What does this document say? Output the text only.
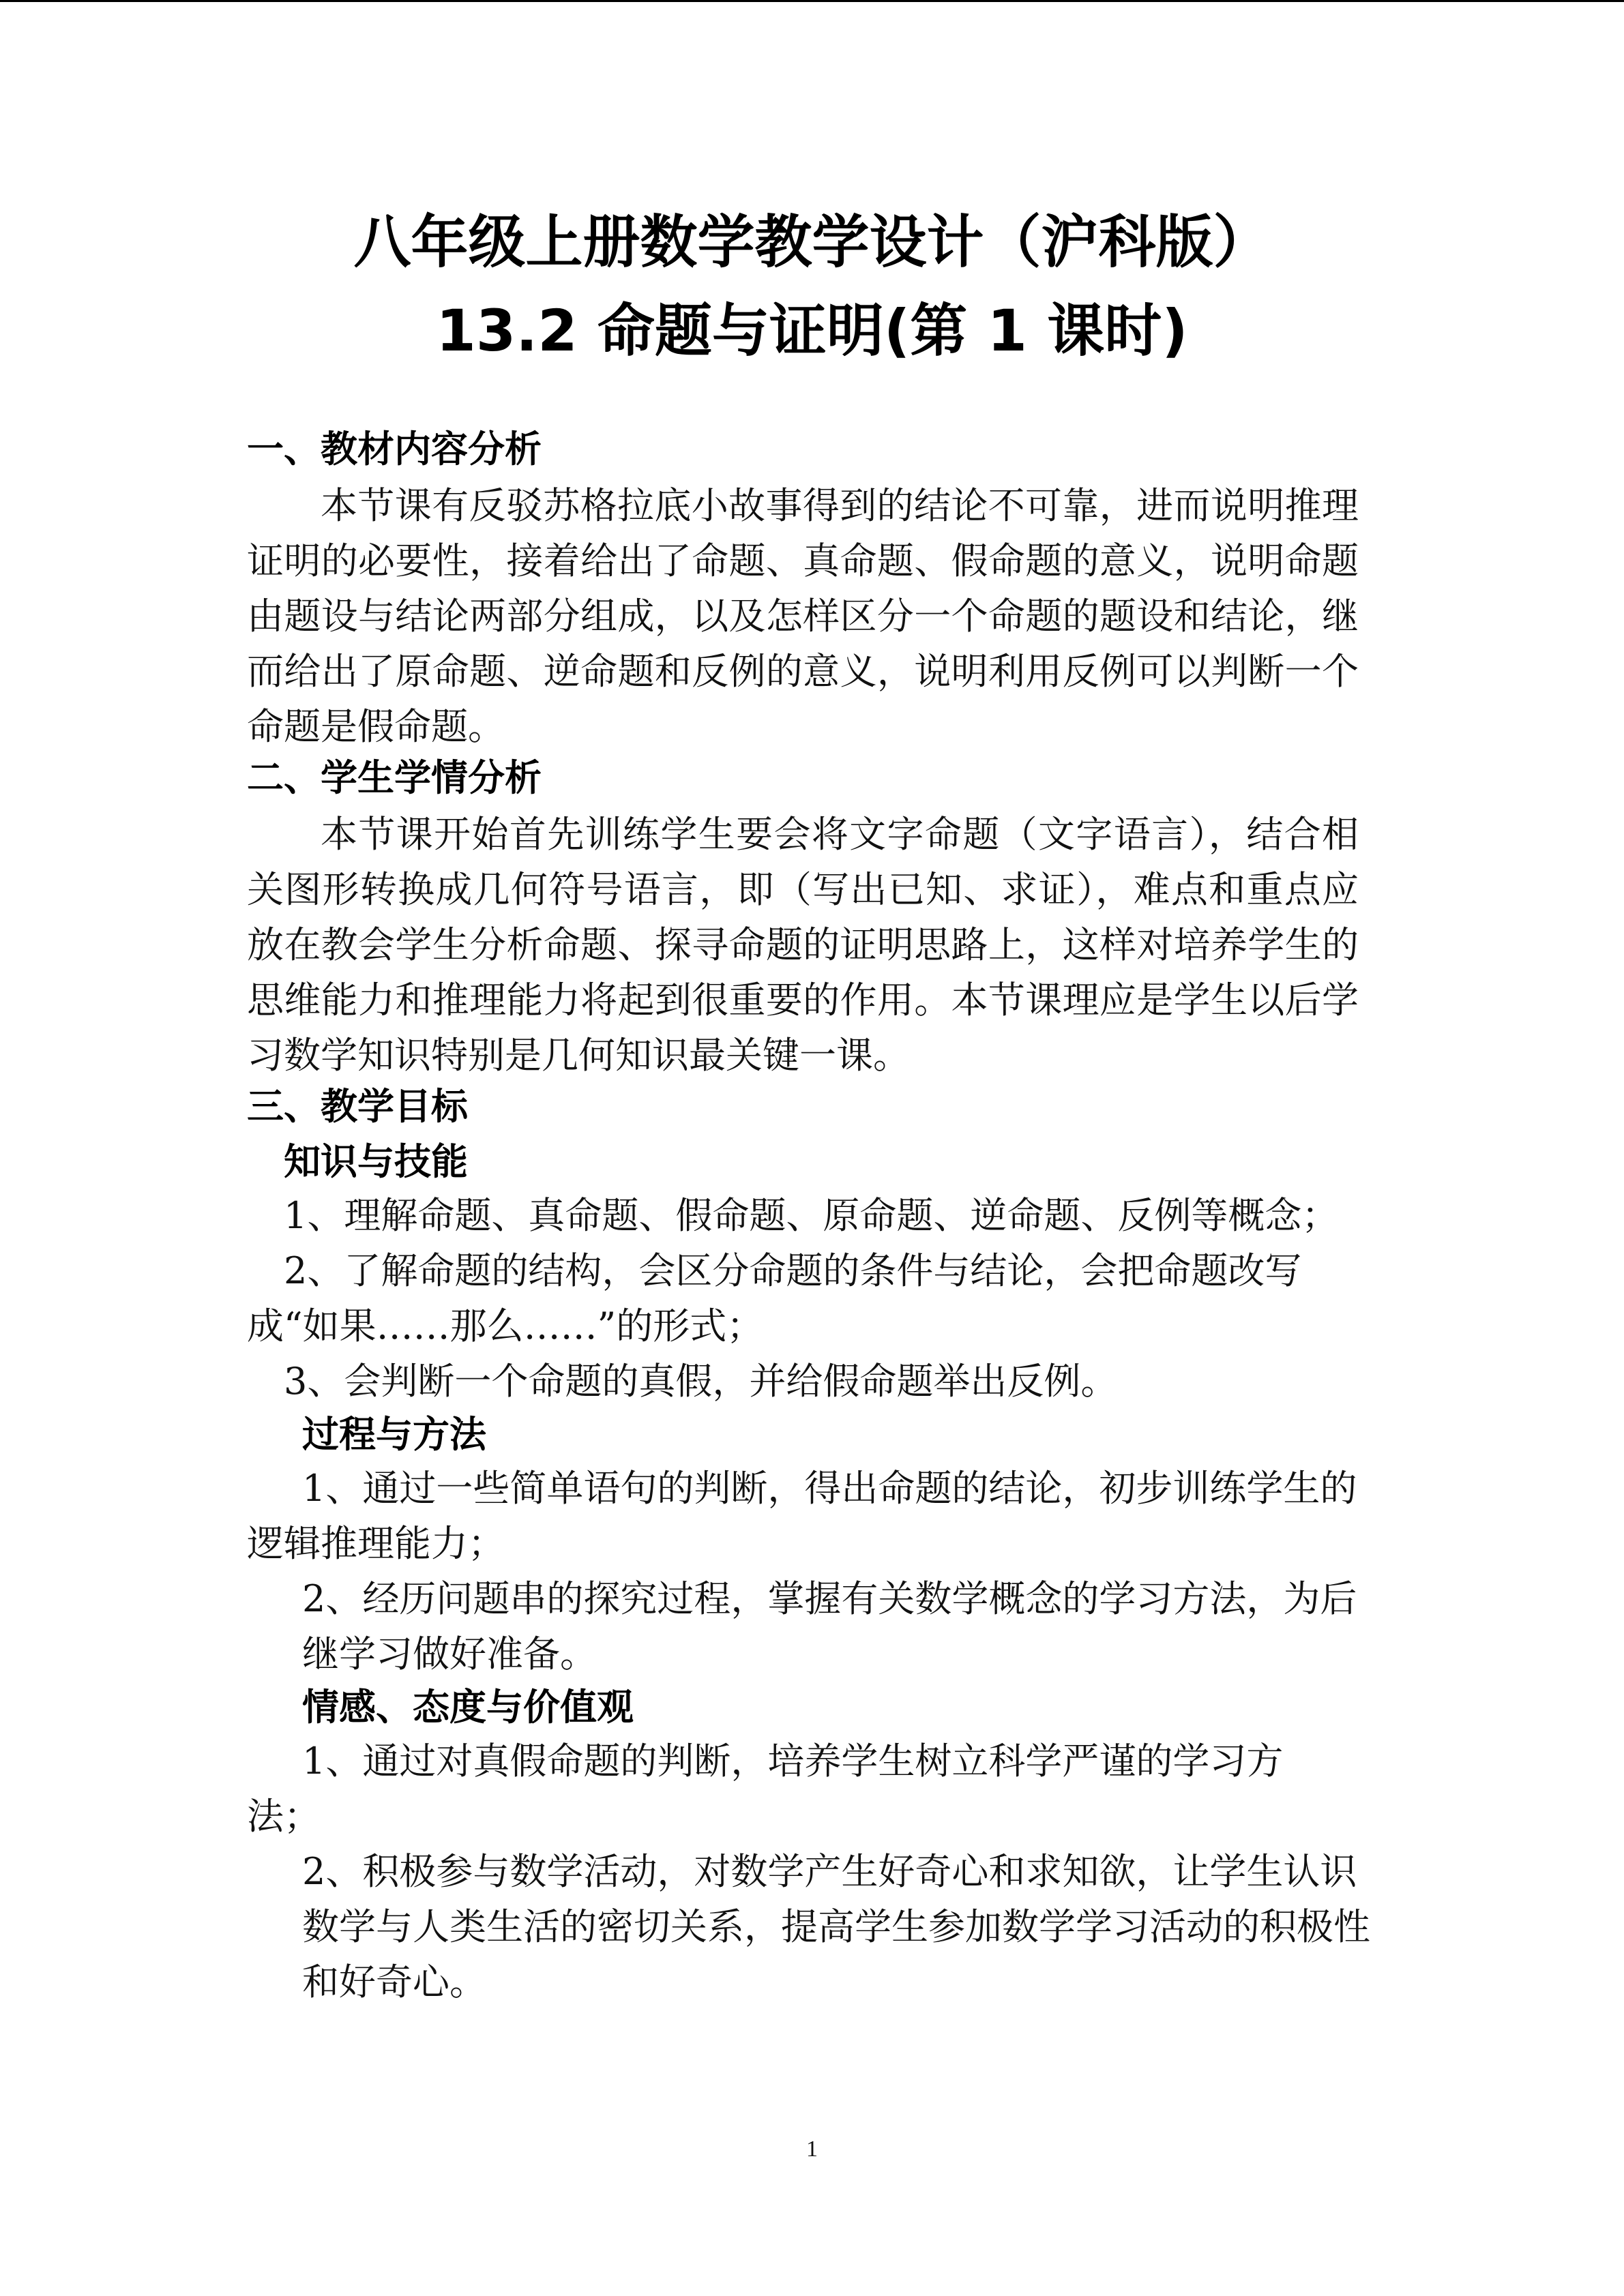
八年级上册数学教学设计（沪科版）
13.2 命题与证明(第 1 课时)
一、教材内容分析

本节课有反驳苏格拉底小故事得到的结论不可靠，进而说明推理证明的必要性，接着给出了命题、真命题、假命题的意义，说明命题由题设与结论两部分组成，以及怎样区分一个命题的题设和结论，继而给出了原命题、逆命题和反例的意义，说明利用反例可以判断一个命题是假命题。

二、学生学情分析

本节课开始首先训练学生要会将文字命题（文字语言），结合相关图形转换成几何符号语言，即（写出已知、求证），难点和重点应放在教会学生分析命题、探寻命题的证明思路上，这样对培养学生的思维能力和推理能力将起到很重要的作用。本节课理应是学生以后学习数学知识特别是几何知识最关键一课。

三、教学目标
知识与技能

1、理解命题、真命题、假命题、原命题、逆命题、反例等概念；

2、了解命题的结构，会区分命题的条件与结论，会把命题改写成“如果……那么……”的形式；

3、会判断一个命题的真假，并给假命题举出反例。

过程与方法

1、通过一些简单语句的判断，得出命题的结论，初步训练学生的逻辑推理能力；

2、经历问题串的探究过程，掌握有关数学概念的学习方法，为后继学习做好准备。

情感、态度与价值观

1、通过对真假命题的判断，培养学生树立科学严谨的学习方法；

2、积极参与数学活动，对数学产生好奇心和求知欲，让学生认识数学与人类生活的密切关系，提高学生参加数学学习活动的积极性和好奇心。

1
